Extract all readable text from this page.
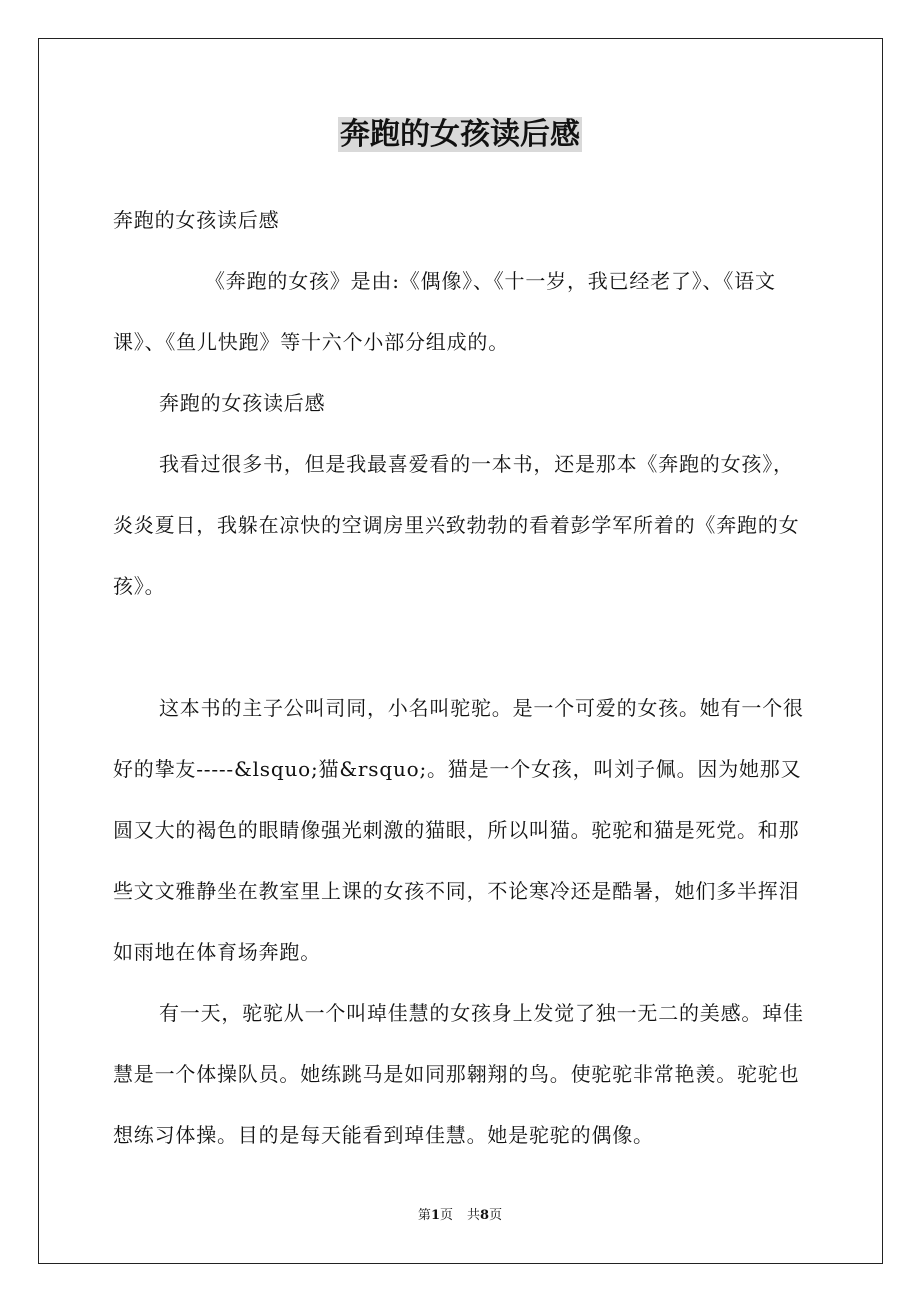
奔跑的女孩读后感

奔跑的女孩读后感

《奔跑的女孩》是由:《偶像》、《十一岁，我已经老了》、《语文课》、《鱼儿快跑》等十六个小部分组成的。

奔跑的女孩读后感

我看过很多书，但是我最喜爱看的一本书，还是那本《奔跑的女孩》，炎炎夏日，我躲在凉快的空调房里兴致勃勃的看着彭学军所着的《奔跑的女孩》。

这本书的主子公叫司同，小名叫驼驼。是一个可爱的女孩。她有一个很好的挚友-----&lsquo;猫&rsquo;。猫是一个女孩，叫刘子佩。因为她那又圆又大的褐色的眼睛像强光刺激的猫眼，所以叫猫。驼驼和猫是死党。和那些文文雅静坐在教室里上课的女孩不同，不论寒冷还是酷暑，她们多半挥泪如雨地在体育场奔跑。

有一天，驼驼从一个叫琸佳慧的女孩身上发觉了独一无二的美感。琸佳慧是一个体操队员。她练跳马是如同那翱翔的鸟。使驼驼非常艳羡。驼驼也想练习体操。目的是每天能看到琸佳慧。她是驼驼的偶像。

第1页 共8页
